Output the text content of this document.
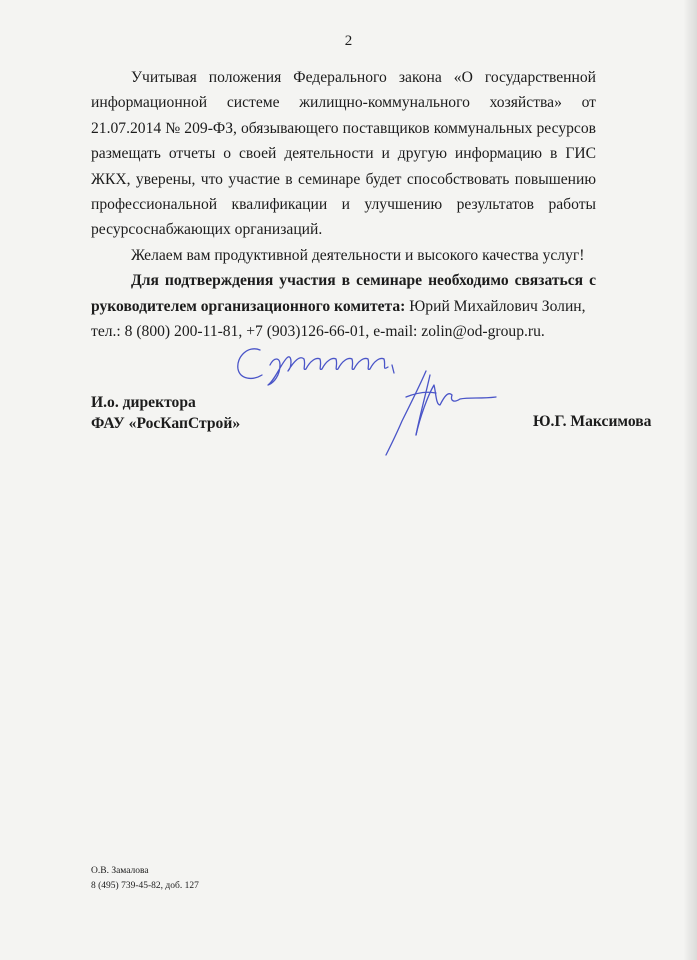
2

Учитывая положения Федерального закона «О государственной информационной системе жилищно-коммунального хозяйства» от 21.07.2014 № 209-ФЗ, обязывающего поставщиков коммунальных ресурсов размещать отчеты о своей деятельности и другую информацию в ГИС ЖКХ, уверены, что участие в семинаре будет способствовать повышению профессиональной квалификации и улучшению результатов работы ресурсоснабжающих организаций.

Желаем вам продуктивной деятельности и высокого качества услуг!

Для подтверждения участия в семинаре необходимо связаться с руководителем организационного комитета: Юрий Михайлович Золин,

тел.: 8 (800) 200-11-81, +7 (903)126-66-01, e-mail: zolin@od-group.ru.

И.о. директора
ФАУ «РосКапСтрой»	Ю.Г. Максимова
О.В. Замалова
8 (495) 739-45-82, доб. 127
